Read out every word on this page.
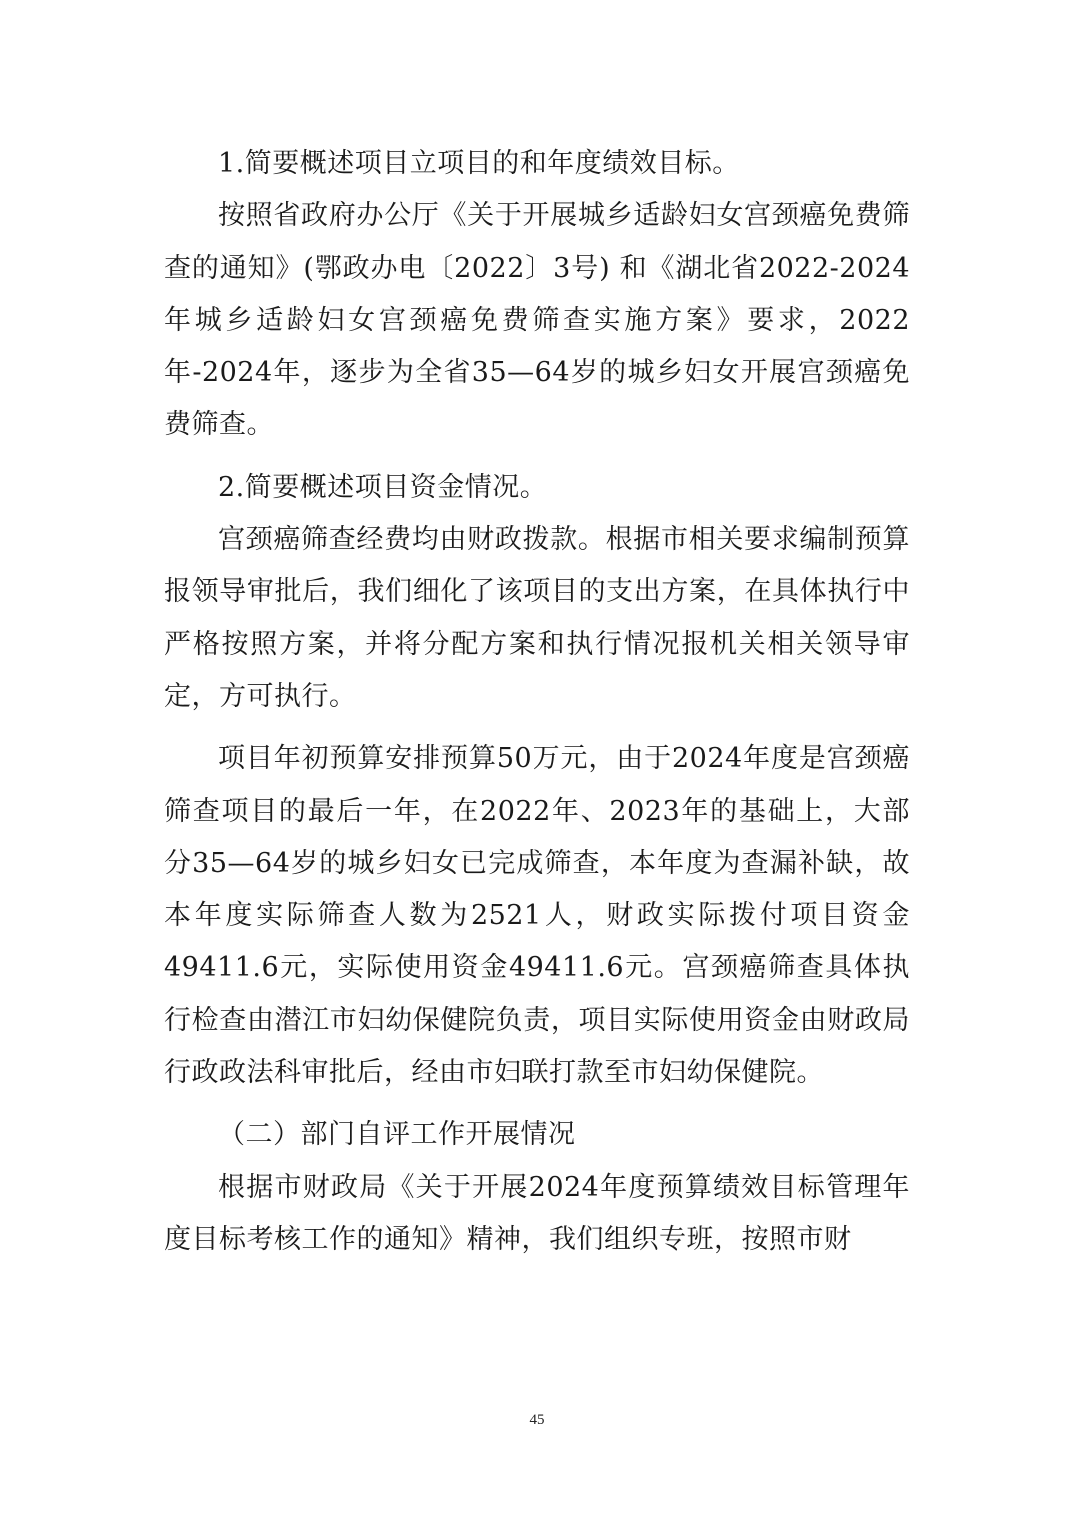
1.简要概述项目立项目的和年度绩效目标。

按照省政府办公厅《关于开展城乡适龄妇女宫颈癌免费筛查的通知》(鄂政办电〔2022〕3号) 和《湖北省2022-2024年城乡适龄妇女宫颈癌免费筛查实施方案》要求，2022年-2024年，逐步为全省35—64岁的城乡妇女开展宫颈癌免费筛查。

2.简要概述项目资金情况。

宫颈癌筛查经费均由财政拨款。根据市相关要求编制预算报领导审批后，我们细化了该项目的支出方案，在具体执行中严格按照方案，并将分配方案和执行情况报机关相关领导审定，方可执行。

项目年初预算安排预算50万元，由于2024年度是宫颈癌筛查项目的最后一年，在2022年、2023年的基础上，大部分35—64岁的城乡妇女已完成筛查，本年度为查漏补缺，故本年度实际筛查人数为2521人，财政实际拨付项目资金49411.6元，实际使用资金49411.6元。宫颈癌筛查具体执行检查由潜江市妇幼保健院负责，项目实际使用资金由财政局行政政法科审批后，经由市妇联打款至市妇幼保健院。

（二）部门自评工作开展情况

根据市财政局《关于开展2024年度预算绩效目标管理年度目标考核工作的通知》精神，我们组织专班，按照市财

45
